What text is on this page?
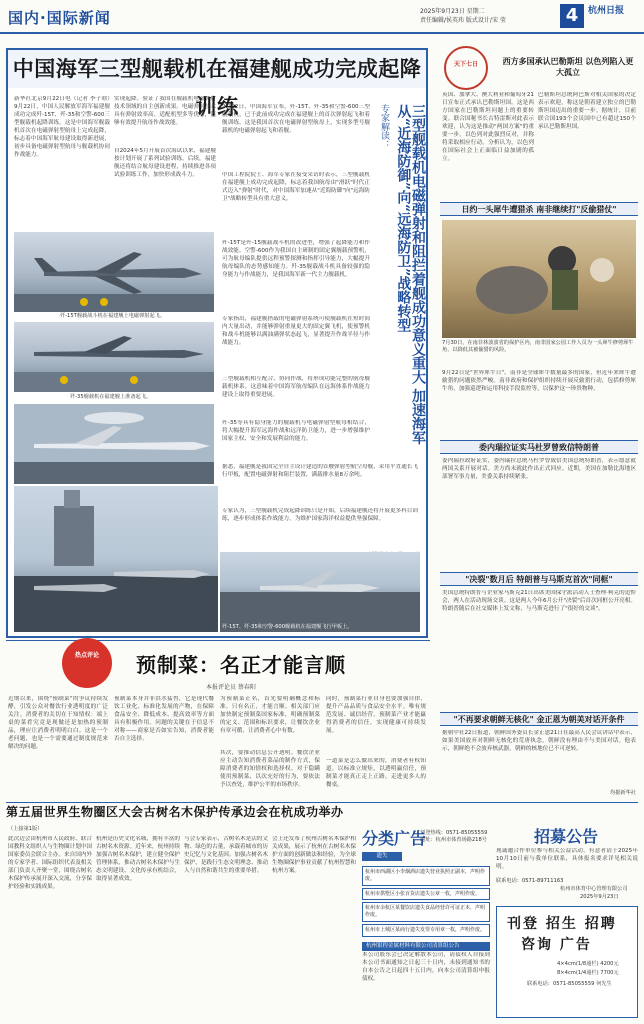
国内·国际新闻	2025年9月23日 星期二
责任编辑/侯英玮 版式设计/宋 莹	4	杭州日报
中国海军三型舰载机在福建舰成功完成起降训练
新华社北京9月22日电（记者 李子晗）9月22日，中国人民解放军海军福建舰成功完成歼-15T、歼-35和空警-600三型舰载机起降训练。这是中国海军舰载机首次在电磁弹射型航母上完成起降，标志着中国海军航母建设取得新进展，初步具备电磁弹射型航母与舰载机协同作战能力。
实现起降。验证了我国在舰载机电磁弹射技术领域的自主创新成果。电磁弹射技术具有弹射效率高、适配机型多等优势，能够有效提升航母作战效能。
自2024年5月开展首次海试以来，福建舰按计划开展了系列试验训练。后续，福建舰还将结合航母建设进程，持续推进各项试验训练工作，加快形成战斗力。
歼-15T舰载战斗机在福建舰上电磁弹射起飞。
歼-35舰载机在福建舰上准备起飞。
9月22日，中国海军宣布，歼-15T、歼-35和空警-600三型舰载机，已于此前成功完成在福建舰上的首次弹射起飞和着舰训练。这是我国首次在电磁弹射型航母上，实现多型号舰载机的电磁弹射起飞和着舰。
中国工程院院士、海军专家在接受采访时表示，三型舰载机在福建舰上成功完成起降，标志着我国航母由"滑跃"时代正式迈入"弹射"时代，对中国海军加速从"近海防御"向"远海防卫"战略转型具有重大意义。
歼-15T是歼-15舰载战斗机的改进型，增强了起降能力和作战效能。空警-600作为我国自主研制的固定翼舰载预警机，可为航母编队提供远程预警探测和指挥引导能力，大幅提升航母编队的态势感知能力。歼-35舰载战斗机具备较强的隐身能力与作战能力，是我国海军新一代主力舰载机。
专家指出，福建舰搭载的电磁弹射系统可使舰载机在短时间内大量出动，并能够弹射重量更大的固定翼飞机，使预警机和战斗机能够以满油满弹状态起飞，显著提升作战半径与作战能力。
三型舰载机相互配合、协同作战，将形成功能完整的航母舰载机体系。这意味着中国海军航母编队在远海体系作战能力建设上取得重要进展。
歼-35等具有隐身能力的舰载机与电磁弹射型航母相结合，将大幅提升海军远海作战和远洋防卫能力，进一步增强维护国家主权、安全和发展利益的能力。
据悉，福建舰是我国完全自主设计建造的首艘弹射型航空母舰，采用平直通长飞行甲板，配置电磁弹射和阻拦装置，满载排水量8万余吨。
专家认为，三型舰载机完成起降训练只是开始，后续福建舰还将开展更多科目训练，逐步形成体系作战能力，为维护国家海洋权益提供坚强保障。
专家解读：	三型舰载机电磁弹射和阻拦着舰成功意义重大 加速海军从“近海防御”向“远海防卫”战略转型
歼-15T、歼-35和空警-600舰载机在福建舰飞行甲板上。
天下七日	西方多国承认巴勒斯坦 以色列陷入更大孤立
英国、加拿大、澳大利亚和葡萄牙21日宣布正式承认巴勒斯坦国。这是西方国家在巴勒斯坦问题上的重要转变。联合国秘书长古特雷斯对此表示欢迎，认为这是推动"两国方案"的重要一步。以色列对此强烈反对，并称将采取相应行动。分析认为，以色列在国际社会上正面临日益加剧的孤立。
巴勒斯坦总统阿巴斯对相关国家的决定表示欢迎，称这是朝着建立独立的巴勒斯坦国迈出的重要一步。据统计，目前联合国193个会员国中已有超过150个承认巴勒斯坦国。
日约一头犀牛遭猎杀 南非继续打"反偷猎仗"
7月30日，在南非林波波省的保护区内，南非国家公园工作人员为一头犀牛修剪犀牛角，以降低其被偷猎的风险。
9月22日是"世界犀牛日"。南非是全球犀牛数量最多的国家，但近年来犀牛遭偷猎的问题依然严峻。南非政府和保护组织持续开展反偷猎行动，包括修剪犀牛角、加强巡逻和运用科技手段监控等，以保护这一珍贵物种。
委内瑞拉证实马杜罗曾致信特朗普
委内瑞拉政府证实，委内瑞拉总统马杜罗曾致信美国总统特朗普，表示愿意就两国关系开展对话。美方尚未就此作出正式回应。近期，美国在加勒比海地区部署军事力量，美委关系持续紧张。
"决裂"数月后 特朗普与马斯克首次"同框"
美国总统特朗普与企业家马斯克21日出席美国保守派活动人士查理·柯克的追悼会，两人在活动现场交谈。这是两人今年6月公开"决裂"后首次同框公开亮相。特朗普随后在社交媒体上发文称，与马斯克进行了"很好的交谈"。
"不再要求朝鲜无核化" 金正恩为朝美对话开条件
据朝中社22日报道，朝鲜国务委员长金正恩21日在最高人民会议讲话中表示，如果美国放弃对朝鲜无核化的荒唐执念，朝鲜没有理由不与美国对话。他表示，朝鲜绝不会放弃核武器，朝鲜的核地位已不可逆转。
均据新华社
热点评论	预制菜：名正才能言顺
本报评论员 蔡春阳
近期以来，围绕"预制菜"的争议持续发酵，引发公众对餐饮行业透明度的广泛关注。消费者的关切在于知情权：端上桌的菜肴究竟是现做还是加热的预制品，理应让消费者明明白白。这是一个老问题，也是一个需要通过制度规范来解决的问题。
预制菜本身并非洪水猛兽，它是现代餐饮工业化、标准化发展的产物，在保障食品安全、降低成本、提高效率等方面具有积极作用。问题的关键在于信息不对称——商家是否如实告知，消费者能否自主选择。
为预制菜正名，首先要明确概念和标准。只有名正，才能言顺。相关部门应加快制定预制菜国家标准，明确预制菜的定义、范围和标识要求，让餐饮企业有章可循，让消费者心中有数。
其次，要推动信息公开透明。餐饮企业应主动告知消费者菜品的制作方式，保障消费者的知情权和选择权。对于隐瞒使用预制菜、以次充好的行为，要依法予以查处，维护公平的市场秩序。
同时，预制菜行业自身也要加强自律，提升产品品质与食品安全水平。唯有规范发展、诚信经营，预制菜产业才能赢得消费者的信任，实现健康可持续发展。
一道菜是怎么做出来的，消费者有权知道。以标准立规矩，以透明赢信任，预制菜才能真正走上正路，走进更多人的餐桌。
第五届世界生物圈区大会古树名木保护传承边会在杭成功举办
（上接第1版）
此次边会由杭州市人民政府、联合国教科文组织人与生物圈计划中国国家委员会联合主办。来自国内外的专家学者、国际组织代表及相关部门负责人齐聚一堂，围绕古树名木保护传承展开深入交流，分享保护经验和实践成果。
杭州是历史文化名城，拥有丰富的古树名木资源。近年来，杭州持续加强古树名木保护，建立健全保护管理体系，推动古树名木保护与生态文明建设、文化传承有机结合，取得显著成效。
与会专家表示，古树名木是活的文物、绿色的古董，承载着城市的历史记忆与文化基因。加强古树名木保护，是践行生态文明理念、推动人与自然和谐共生的重要举措。
会上还发布了杭州古树名木保护相关成果，展示了杭州在古树名木保护方面的创新做法和经验，为全球生物圈保护事业贡献了杭州智慧和杭州方案。
分类广告
刊登热线：0571-85055559 地址：杭州市体育场路218号
遗失
杭州市西湖区小李烟酒店遗失营业执照正副本，声明作废。
杭州市拱墅区小张百货店遗失公章一枚，声明作废。
杭州市余杭区某餐饮店遗失食品经营许可证正本，声明作废。
杭州市上城区某商行遗失发票专用章一枚，声明作废。
杭州银程金属材料有限公司清算组公告
本公司股东会已决定解散本公司，请债权人自接到本公司书面通知之日起三十日内，未接到通知书的自本公告之日起四十五日内，向本公司清算组申报债权。
招募公告
现诚邀合作单位参与相关公益活动，有意者请于2025年10月10日前与我单位联系，具体报名要求详见相关说明。
联系电话：0571-89711163
杭州市体育中心管理有限公司
2025年9月23日
刊登 招生 招聘
咨询 广告
4×4cm(1/8通栏) 4200元
8×4cm(1/4通栏) 7700元
联系电话：0571-85055559 何先生
